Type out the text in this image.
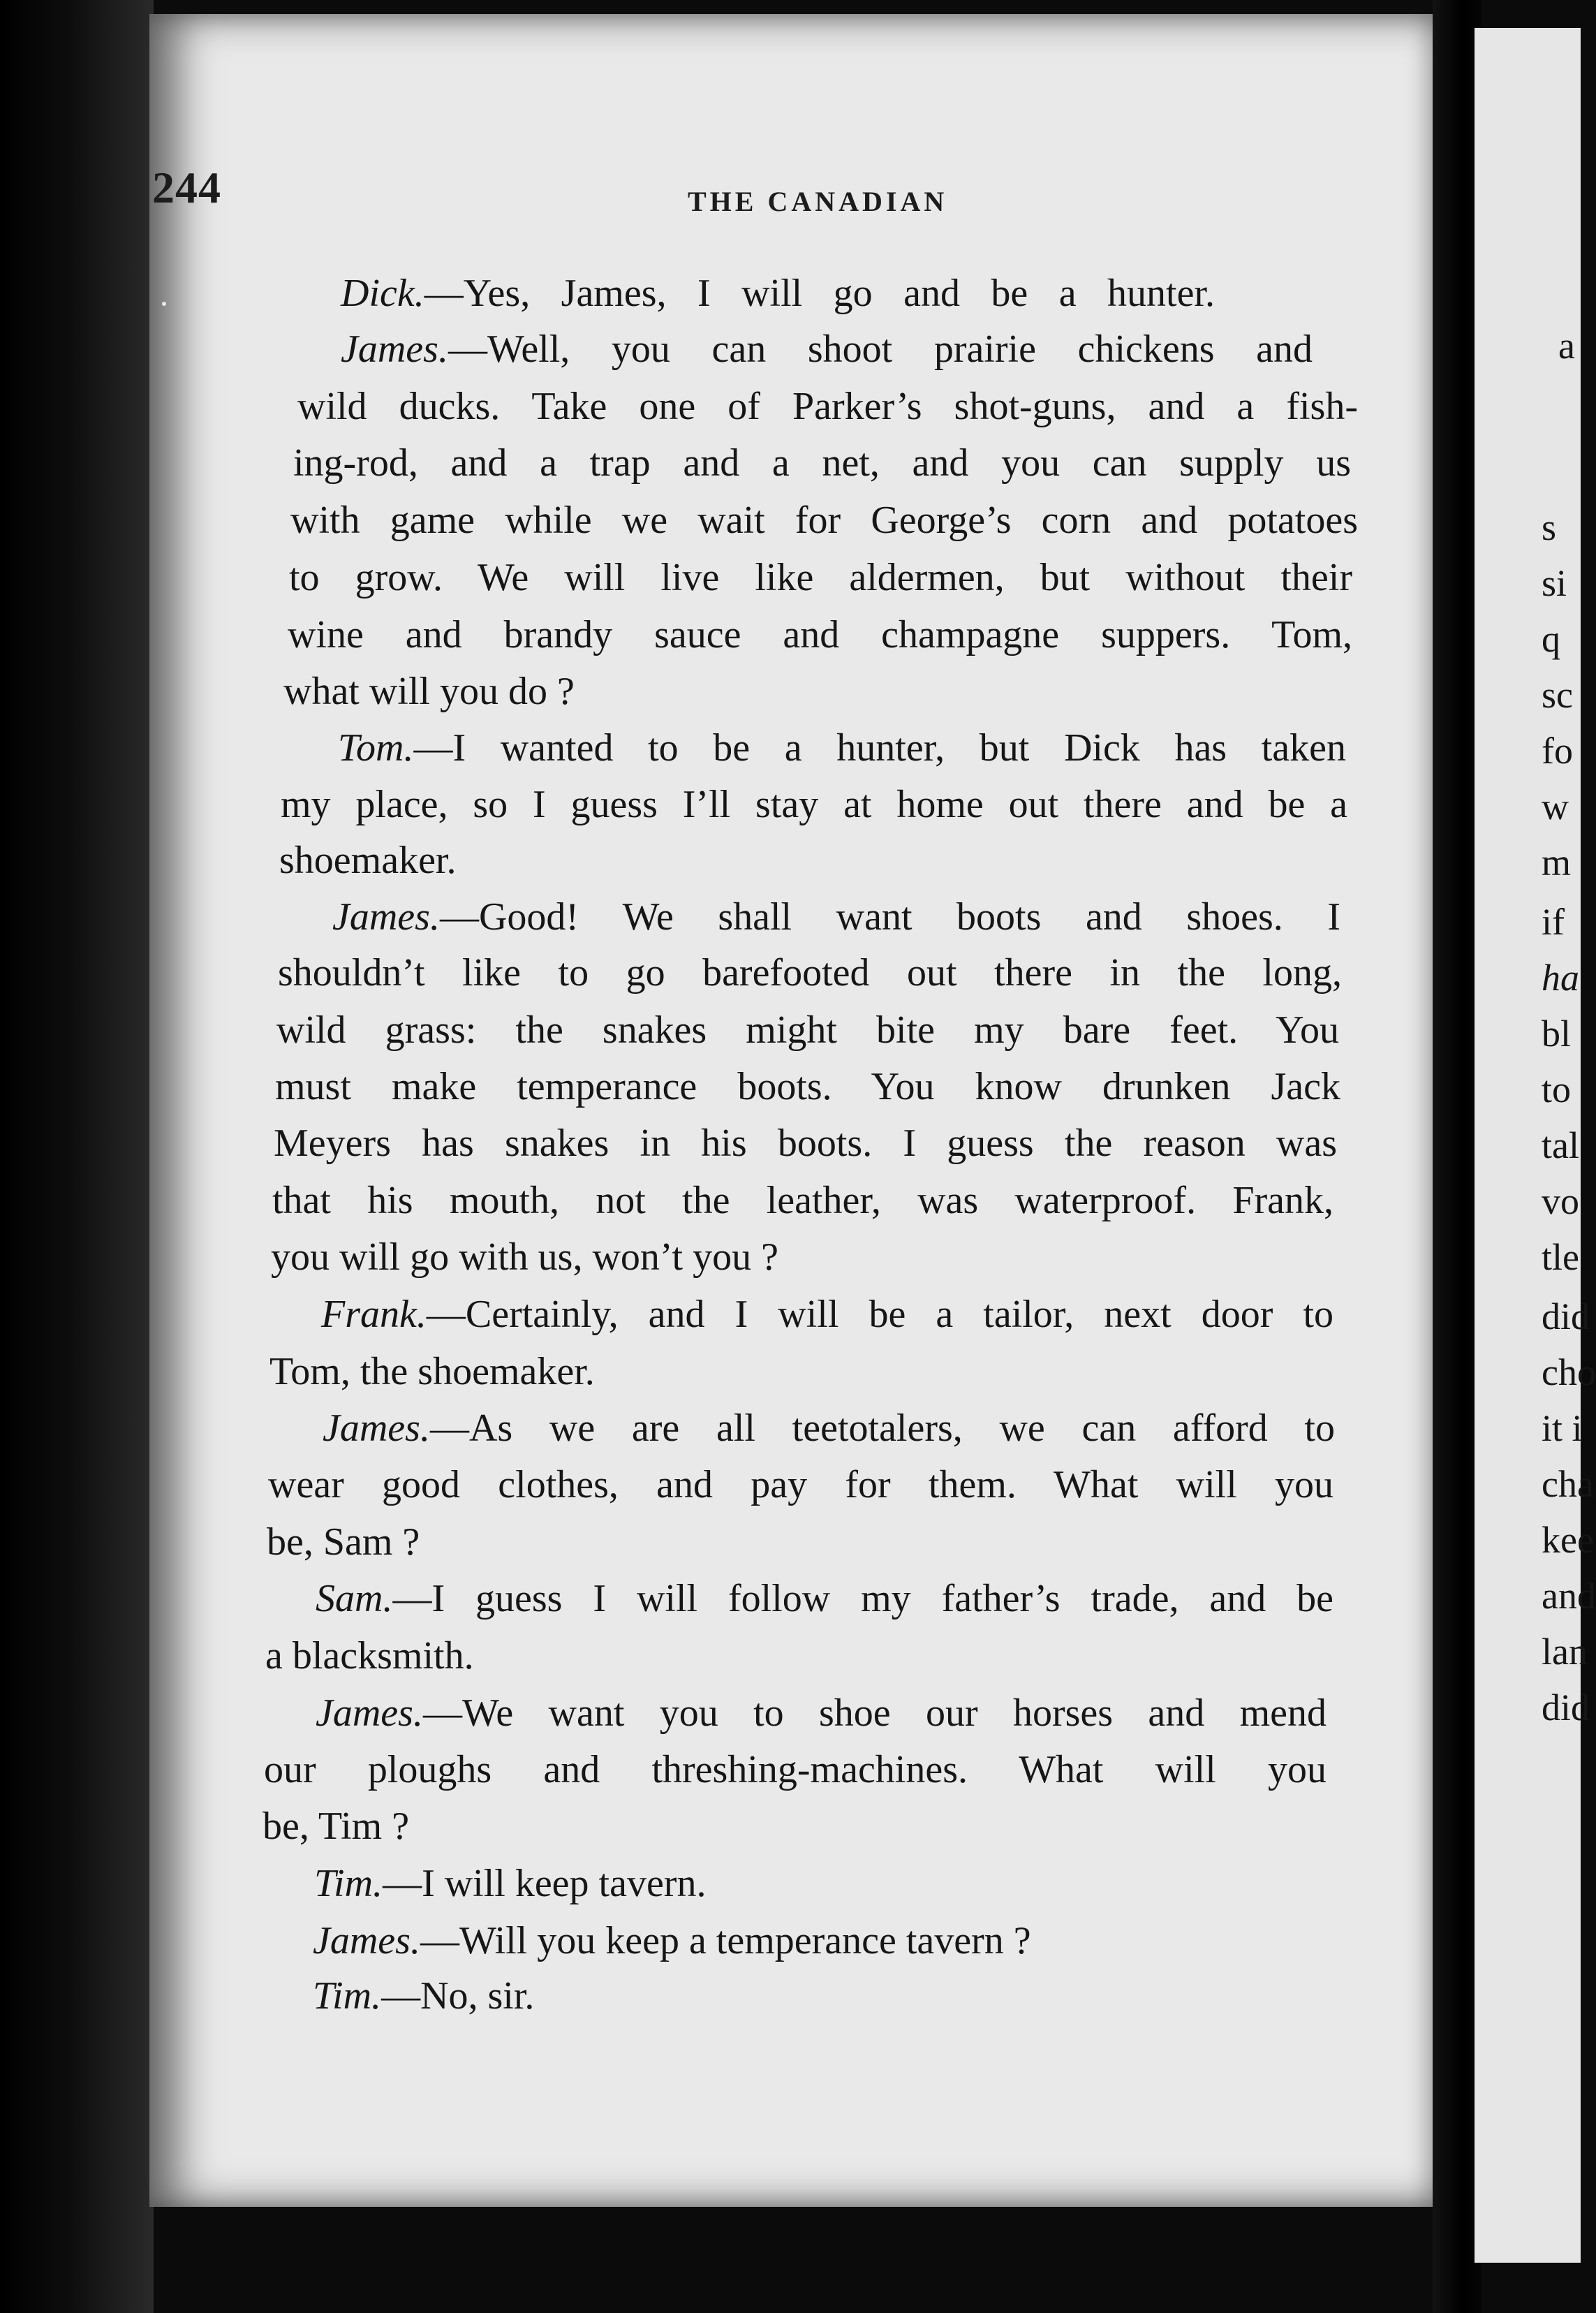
a
s
si
q
sc
fo
w
m
if
ha
bl
to
tal
vo
tle
did
cho
it i
cha
kee
and
lan
did
244	THE CANADIAN
Dick.—Yes, James, I will go and be a hunter.
James.—Well, you can shoot prairie chickens and
wild ducks. Take one of Parker’s shot-guns, and a fish-
ing-rod, and a trap and a net, and you can supply us
with game while we wait for George’s corn and potatoes
to grow. We will live like aldermen, but without their
wine and brandy sauce and champagne suppers. Tom,
what will you do ?
Tom.—I wanted to be a hunter, but Dick has taken
my place, so I guess I’ll stay at home out there and be a
shoemaker.
James.—Good! We shall want boots and shoes. I
shouldn’t like to go barefooted out there in the long,
wild grass: the snakes might bite my bare feet. You
must make temperance boots. You know drunken Jack
Meyers has snakes in his boots. I guess the reason was
that his mouth, not the leather, was waterproof. Frank,
you will go with us, won’t you ?
Frank.—Certainly, and I will be a tailor, next door to
Tom, the shoemaker.
James.—As we are all teetotalers, we can afford to
wear good clothes, and pay for them. What will you
be, Sam ?
Sam.—I guess I will follow my father’s trade, and be
a blacksmith.
James.—We want you to shoe our horses and mend
our ploughs and threshing-machines. What will you
be, Tim ?
Tim.—I will keep tavern.
James.—Will you keep a temperance tavern ?
Tim.—No, sir.
